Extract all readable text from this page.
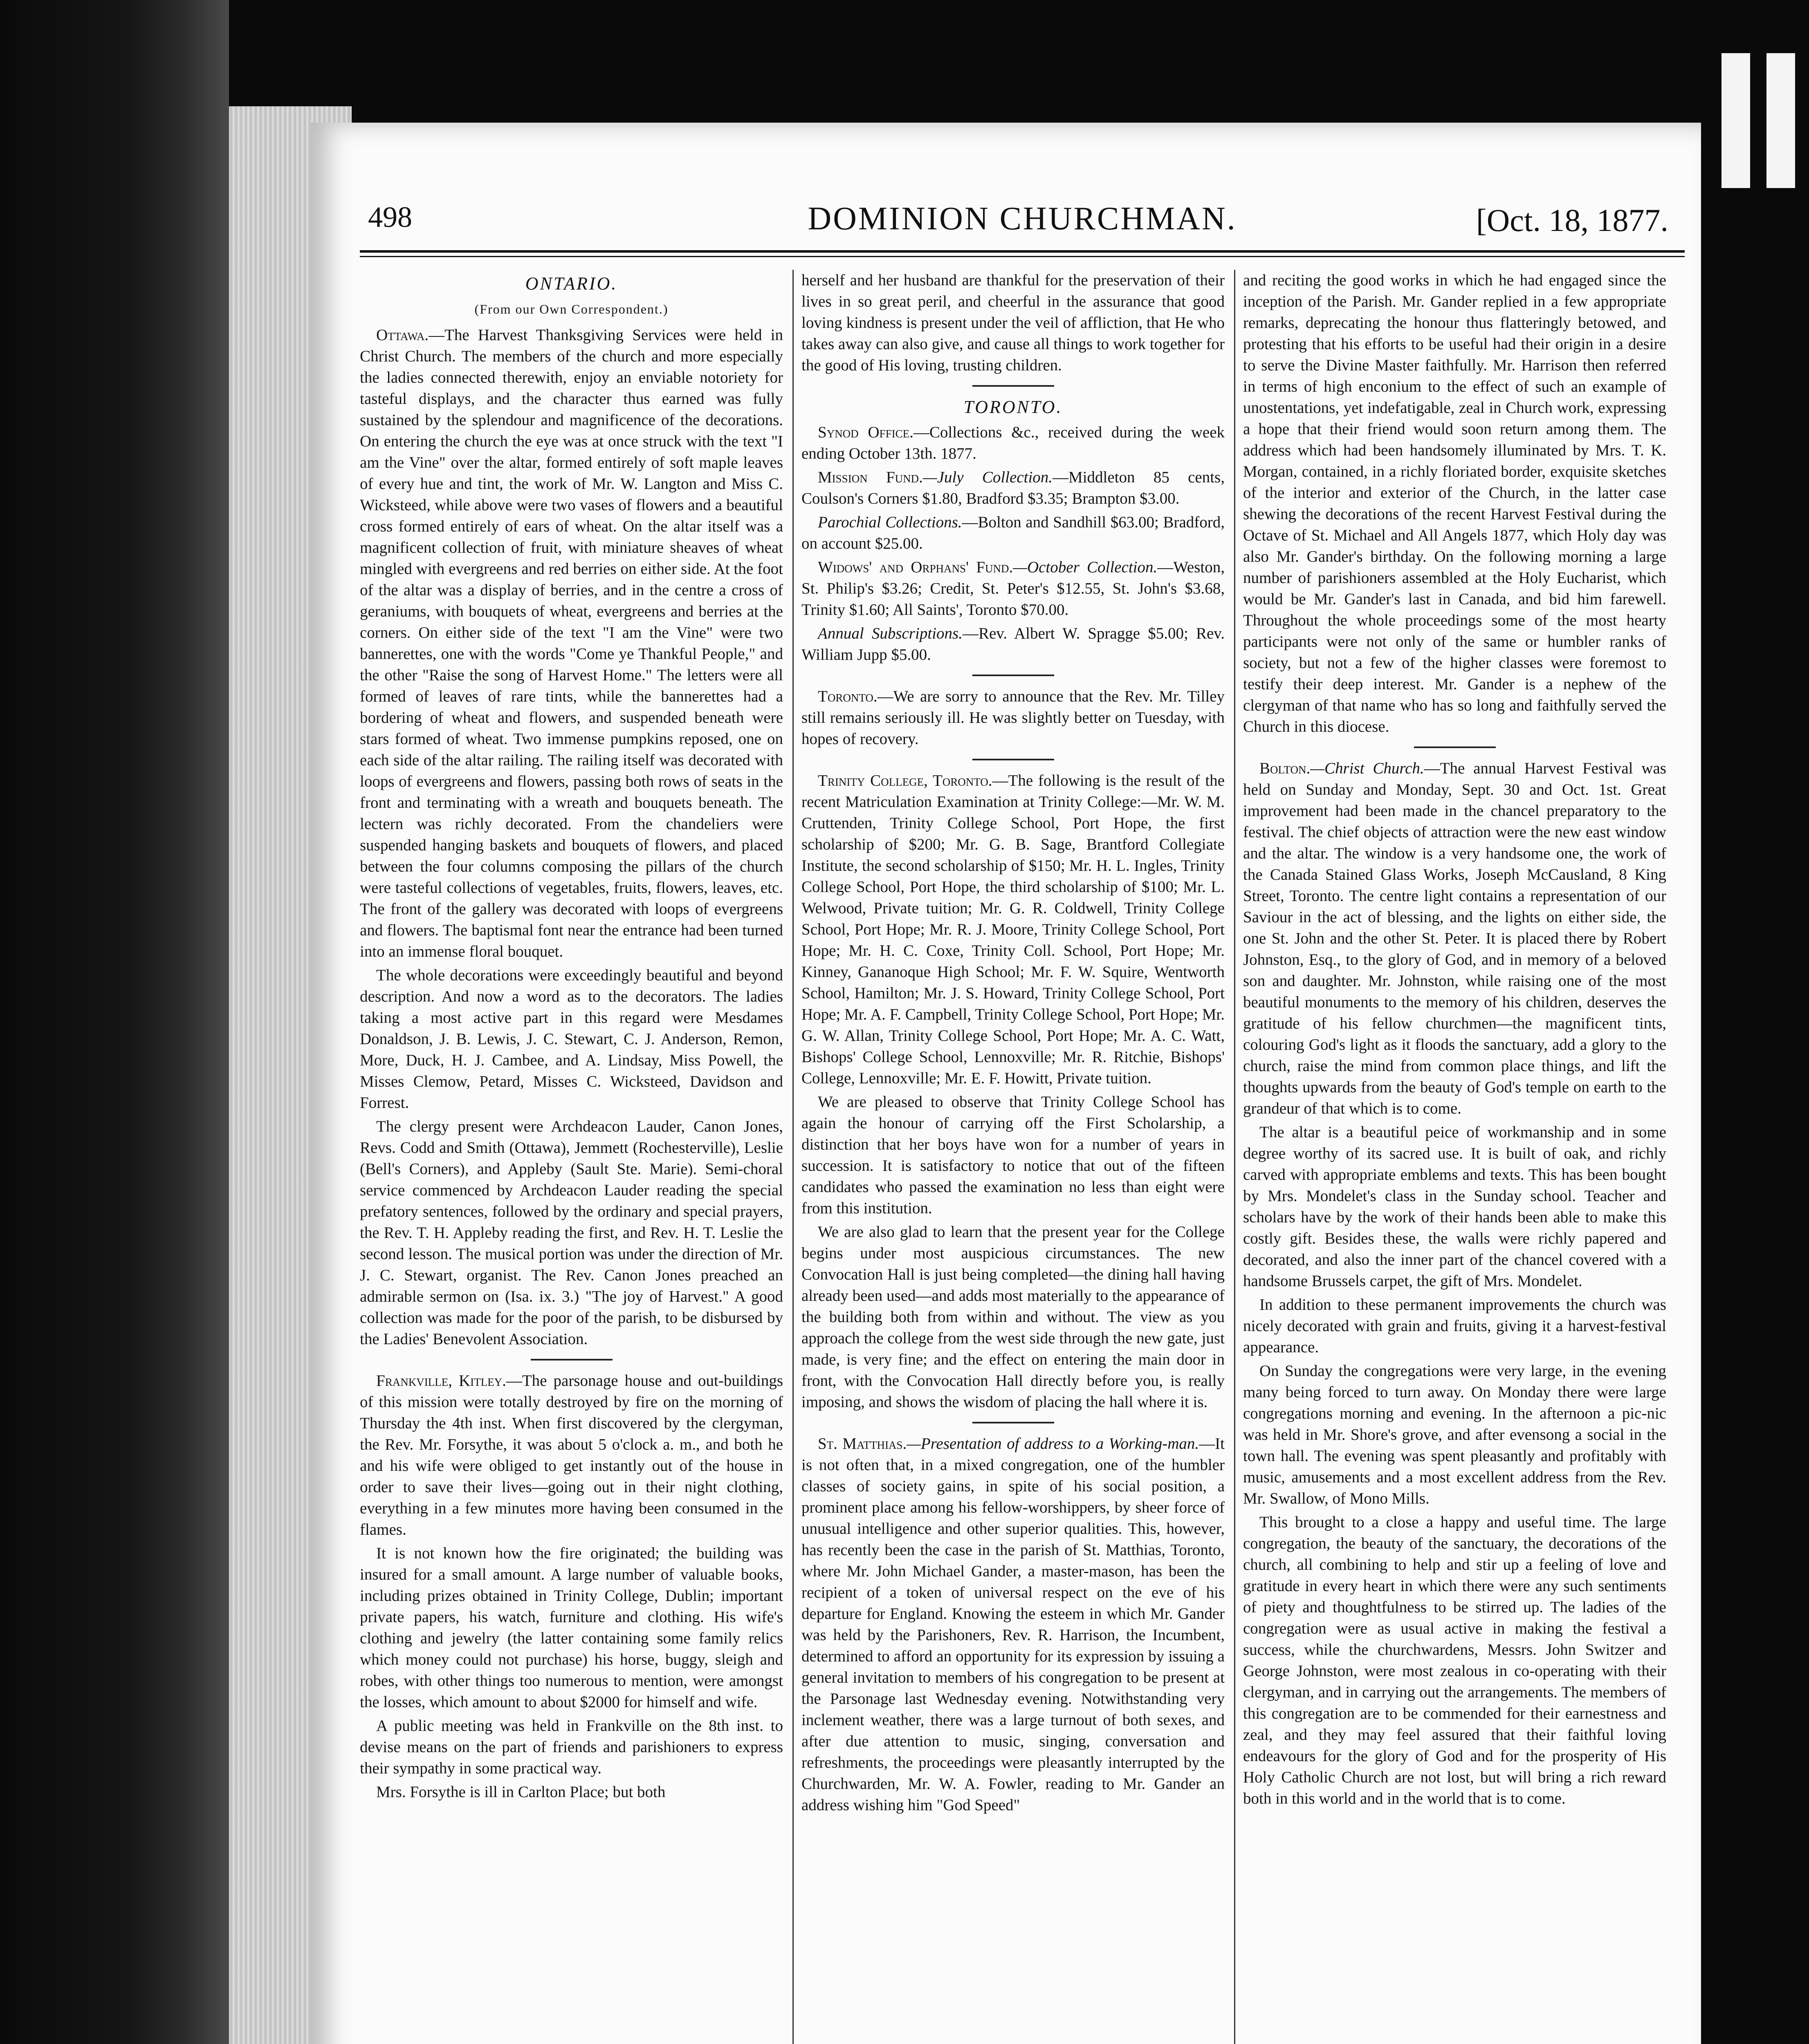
498	DOMINION CHURCHMAN.	[Oct. 18, 1877.

ONTARIO.

(From our Own Correspondent.)

Ottawa.—The Harvest Thanksgiving Services were held in Christ Church. The members of the church and more especially the ladies connected therewith, enjoy an enviable notoriety for tasteful displays, and the character thus earned was fully sustained by the splendour and magnificence of the decorations. On entering the church the eye was at once struck with the text "I am the Vine" over the altar, formed entirely of soft maple leaves of every hue and tint, the work of Mr. W. Langton and Miss C. Wicksteed, while above were two vases of flowers and a beautiful cross formed entirely of ears of wheat. On the altar itself was a magnificent collection of fruit, with miniature sheaves of wheat mingled with evergreens and red berries on either side. At the foot of the altar was a display of berries, and in the centre a cross of geraniums, with bouquets of wheat, evergreens and berries at the corners. On either side of the text "I am the Vine" were two bannerettes, one with the words "Come ye Thankful People," and the other "Raise the song of Harvest Home." The letters were all formed of leaves of rare tints, while the bannerettes had a bordering of wheat and flowers, and suspended beneath were stars formed of wheat. Two immense pumpkins reposed, one on each side of the altar railing. The railing itself was decorated with loops of evergreens and flowers, passing both rows of seats in the front and terminating with a wreath and bouquets beneath. The lectern was richly decorated. From the chandeliers were suspended hanging baskets and bouquets of flowers, and placed between the four columns composing the pillars of the church were tasteful collections of vegetables, fruits, flowers, leaves, etc. The front of the gallery was decorated with loops of evergreens and flowers. The baptismal font near the entrance had been turned into an immense floral bouquet.

The whole decorations were exceedingly beautiful and beyond description. And now a word as to the decorators. The ladies taking a most active part in this regard were Mesdames Donaldson, J. B. Lewis, J. C. Stewart, C. J. Anderson, Remon, More, Duck, H. J. Cambee, and A. Lindsay, Miss Powell, the Misses Clemow, Petard, Misses C. Wicksteed, Davidson and Forrest.

The clergy present were Archdeacon Lauder, Canon Jones, Revs. Codd and Smith (Ottawa), Jemmett (Rochesterville), Leslie (Bell's Corners), and Appleby (Sault Ste. Marie). Semi-choral service commenced by Archdeacon Lauder reading the special prefatory sentences, followed by the ordinary and special prayers, the Rev. T. H. Appleby reading the first, and Rev. H. T. Leslie the second lesson. The musical portion was under the direction of Mr. J. C. Stewart, organist. The Rev. Canon Jones preached an admirable sermon on (Isa. ix. 3.) "The joy of Harvest." A good collection was made for the poor of the parish, to be disbursed by the Ladies' Benevolent Association.

Frankville, Kitley.—The parsonage house and out-buildings of this mission were totally destroyed by fire on the morning of Thursday the 4th inst. When first discovered by the clergyman, the Rev. Mr. Forsythe, it was about 5 o'clock a. m., and both he and his wife were obliged to get instantly out of the house in order to save their lives—going out in their night clothing, everything in a few minutes more having been consumed in the flames.

It is not known how the fire originated; the building was insured for a small amount. A large number of valuable books, including prizes obtained in Trinity College, Dublin; important private papers, his watch, furniture and clothing. His wife's clothing and jewelry (the latter containing some family relics which money could not purchase) his horse, buggy, sleigh and robes, with other things too numerous to mention, were amongst the losses, which amount to about $2000 for himself and wife.

A public meeting was held in Frankville on the 8th inst. to devise means on the part of friends and parishioners to express their sympathy in some practical way.

Mrs. Forsythe is ill in Carlton Place; but both

herself and her husband are thankful for the preservation of their lives in so great peril, and cheerful in the assurance that good loving kindness is present under the veil of affliction, that He who takes away can also give, and cause all things to work together for the good of His loving, trusting children.

TORONTO.

Synod Office.—Collections &c., received during the week ending October 13th. 1877.

Mission Fund.—July Collection.—Middleton 85 cents, Coulson's Corners $1.80, Bradford $3.35; Brampton $3.00.

Parochial Collections.—Bolton and Sandhill $63.00; Bradford, on account $25.00.

Widows' and Orphans' Fund.—October Collection.—Weston, St. Philip's $3.26; Credit, St. Peter's $12.55, St. John's $3.68, Trinity $1.60; All Saints', Toronto $70.00.

Annual Subscriptions.—Rev. Albert W. Spragge $5.00; Rev. William Jupp $5.00.

Toronto.—We are sorry to announce that the Rev. Mr. Tilley still remains seriously ill. He was slightly better on Tuesday, with hopes of recovery.

Trinity College, Toronto.—The following is the result of the recent Matriculation Examination at Trinity College:—Mr. W. M. Cruttenden, Trinity College School, Port Hope, the first scholarship of $200; Mr. G. B. Sage, Brantford Collegiate Institute, the second scholarship of $150; Mr. H. L. Ingles, Trinity College School, Port Hope, the third scholarship of $100; Mr. L. Welwood, Private tuition; Mr. G. R. Coldwell, Trinity College School, Port Hope; Mr. R. J. Moore, Trinity College School, Port Hope; Mr. H. C. Coxe, Trinity Coll. School, Port Hope; Mr. Kinney, Gananoque High School; Mr. F. W. Squire, Wentworth School, Hamilton; Mr. J. S. Howard, Trinity College School, Port Hope; Mr. A. F. Campbell, Trinity College School, Port Hope; Mr. G. W. Allan, Trinity College School, Port Hope; Mr. A. C. Watt, Bishops' College School, Lennoxville; Mr. R. Ritchie, Bishops' College, Lennoxville; Mr. E. F. Howitt, Private tuition.

We are pleased to observe that Trinity College School has again the honour of carrying off the First Scholarship, a distinction that her boys have won for a number of years in succession. It is satisfactory to notice that out of the fifteen candidates who passed the examination no less than eight were from this institution.

We are also glad to learn that the present year for the College begins under most auspicious circumstances. The new Convocation Hall is just being completed—the dining hall having already been used—and adds most materially to the appearance of the building both from within and without. The view as you approach the college from the west side through the new gate, just made, is very fine; and the effect on entering the main door in front, with the Convocation Hall directly before you, is really imposing, and shows the wisdom of placing the hall where it is.

St. Matthias.—Presentation of address to a Working-man.—It is not often that, in a mixed congregation, one of the humbler classes of society gains, in spite of his social position, a prominent place among his fellow-worshippers, by sheer force of unusual intelligence and other superior qualities. This, however, has recently been the case in the parish of St. Matthias, Toronto, where Mr. John Michael Gander, a master-mason, has been the recipient of a token of universal respect on the eve of his departure for England. Knowing the esteem in which Mr. Gander was held by the Parishoners, Rev. R. Harrison, the Incumbent, determined to afford an opportunity for its expression by issuing a general invitation to members of his congregation to be present at the Parsonage last Wednesday evening. Notwithstanding very inclement weather, there was a large turnout of both sexes, and after due attention to music, singing, conversation and refreshments, the proceedings were pleasantly interrupted by the Churchwarden, Mr. W. A. Fowler, reading to Mr. Gander an address wishing him "God Speed"

and reciting the good works in which he had engaged since the inception of the Parish. Mr. Gander replied in a few appropriate remarks, deprecating the honour thus flatteringly betowed, and protesting that his efforts to be useful had their origin in a desire to serve the Divine Master faithfully. Mr. Harrison then referred in terms of high enconium to the effect of such an example of unostentations, yet indefatigable, zeal in Church work, expressing a hope that their friend would soon return among them. The address which had been handsomely illuminated by Mrs. T. K. Morgan, contained, in a richly floriated border, exquisite sketches of the interior and exterior of the Church, in the latter case shewing the decorations of the recent Harvest Festival during the Octave of St. Michael and All Angels 1877, which Holy day was also Mr. Gander's birthday. On the following morning a large number of parishioners assembled at the Holy Eucharist, which would be Mr. Gander's last in Canada, and bid him farewell. Throughout the whole proceedings some of the most hearty participants were not only of the same or humbler ranks of society, but not a few of the higher classes were foremost to testify their deep interest. Mr. Gander is a nephew of the clergyman of that name who has so long and faithfully served the Church in this diocese.

Bolton.—Christ Church.—The annual Harvest Festival was held on Sunday and Monday, Sept. 30 and Oct. 1st. Great improvement had been made in the chancel preparatory to the festival. The chief objects of attraction were the new east window and the altar. The window is a very handsome one, the work of the Canada Stained Glass Works, Joseph McCausland, 8 King Street, Toronto. The centre light contains a representation of our Saviour in the act of blessing, and the lights on either side, the one St. John and the other St. Peter. It is placed there by Robert Johnston, Esq., to the glory of God, and in memory of a beloved son and daughter. Mr. Johnston, while raising one of the most beautiful monuments to the memory of his children, deserves the gratitude of his fellow churchmen—the magnificent tints, colouring God's light as it floods the sanctuary, add a glory to the church, raise the mind from common place things, and lift the thoughts upwards from the beauty of God's temple on earth to the grandeur of that which is to come.

The altar is a beautiful peice of workmanship and in some degree worthy of its sacred use. It is built of oak, and richly carved with appropriate emblems and texts. This has been bought by Mrs. Mondelet's class in the Sunday school. Teacher and scholars have by the work of their hands been able to make this costly gift. Besides these, the walls were richly papered and decorated, and also the inner part of the chancel covered with a handsome Brussels carpet, the gift of Mrs. Mondelet.

In addition to these permanent improvements the church was nicely decorated with grain and fruits, giving it a harvest-festival appearance.

On Sunday the congregations were very large, in the evening many being forced to turn away. On Monday there were large congregations morning and evening. In the afternoon a pic-nic was held in Mr. Shore's grove, and after evensong a social in the town hall. The evening was spent pleasantly and profitably with music, amusements and a most excellent address from the Rev. Mr. Swallow, of Mono Mills.

This brought to a close a happy and useful time. The large congregation, the beauty of the sanctuary, the decorations of the church, all combining to help and stir up a feeling of love and gratitude in every heart in which there were any such sentiments of piety and thoughtfulness to be stirred up. The ladies of the congregation were as usual active in making the festival a success, while the churchwardens, Messrs. John Switzer and George Johnston, were most zealous in co-operating with their clergyman, and in carrying out the arrangements. The members of this congregation are to be commended for their earnestness and zeal, and they may feel assured that their faithful loving endeavours for the glory of God and for the prosperity of His Holy Catholic Church are not lost, but will bring a rich reward both in this world and in the world that is to come.
